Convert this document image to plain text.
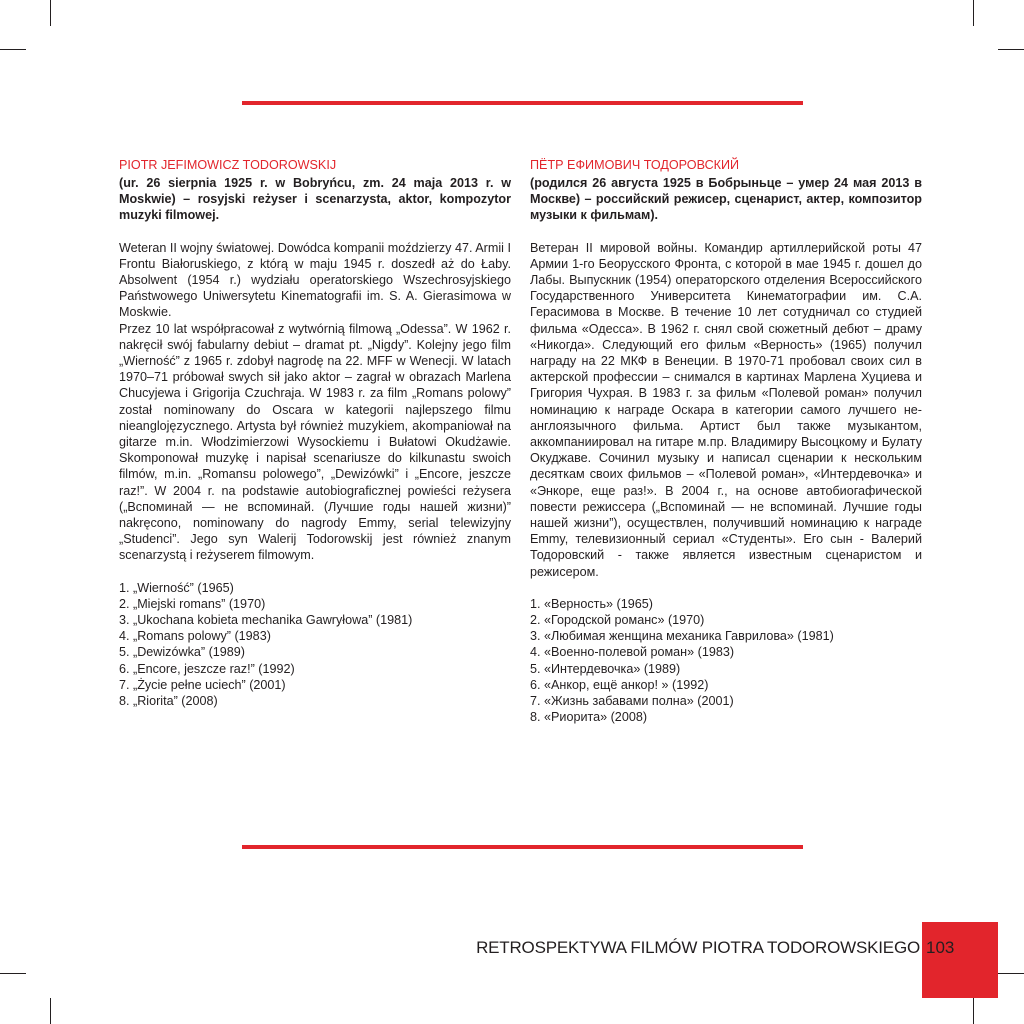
PIOTR JEFIMOWICZ TODOROWSKIJ

(ur. 26 sierpnia 1925 r. w Bobryńcu, zm. 24 maja 2013 r. w Moskwie) – rosyjski reżyser i scenarzysta, aktor, kompozytor muzyki filmowej.

Weteran II wojny światowej. Dowódca kompanii moździerzy 47. Armii I Frontu Białoruskiego, z którą w maju 1945 r. doszedł aż do Łaby. Absolwent (1954 r.) wydziału operatorskiego Wszechrosyjskiego Państwowego Uniwersytetu Kinematografii im. S. A. Gierasimowa w Moskwie.

Przez 10 lat współpracował z wytwórnią filmową „Odessa”. W 1962 r. nakręcił swój fabularny debiut – dramat pt. „Nigdy”. Kolejny jego film „Wierność” z 1965 r. zdobył nagrodę na 22. MFF w Wenecji. W latach 1970–71 próbował swych sił jako aktor – zagrał w obrazach Marlena Chucyjewa i Grigorija Czuchraja. W 1983 r. za film „Romans polowy” został nominowany do Oscara w kategorii najlepszego filmu nieanglojęzycznego. Artysta był również muzykiem, akompaniował na gitarze m.in. Włodzimierzowi Wysockiemu i Bułatowi Okudżawie. Skomponował muzykę i napisał scenariusze do kilkunastu swoich filmów, m.in. „Romansu polowego”, „Dewizówki” i „Encore, jeszcze raz!”. W 2004 r. na podstawie autobiograficznej powieści reżysera („Вспоминай — не вспоминай. (Лучшие годы нашей жизни)” nakręcono, nominowany do nagrody Emmy, serial telewizyjny „Studenci”. Jego syn Walerij Todorowskij jest również znanym scenarzystą i reżyserem filmowym.

1. „Wierność” (1965)
2. „Miejski romans” (1970)
3. „Ukochana kobieta mechanika Gawryłowa” (1981)
4. „Romans polowy” (1983)
5. „Dewizówka” (1989)
6. „Encore, jeszcze raz!” (1992)
7. „Życie pełne uciech” (2001)
8. „Riorita” (2008)

ПЁТР ЕФИМОВИЧ ТОДОРОВСКИЙ

(родился 26 августа 1925 в Бобрыньце – умер 24 мая 2013 в Москве) – российский режисер, сценарист, актер, композитор музыки к фильмам).

Ветеран II мировой войны. Командир артиллерийской роты 47 Армии 1-го Беорусского Фронта, с которой в мае 1945 г. дошел до Лабы. Выпускник (1954) операторского отделения Всероссийского Государственного Университета Кинематографии им. С.А. Герасимова в Москве. В течение 10 лет сотудничал со студией фильма «Одесса». В 1962 г. снял свой сюжетный дебют – драму «Никогда». Следующий его фильм «Верность» (1965) получил награду на 22 МКФ в Венеции. В 1970-71 пробовал своих сил в актерской профессии – снимался в картинах Марлена Хуциева и Григория Чухрая. В 1983 г. за фильм «Полевой роман» получил номинацию к награде Оскара в категории самого лучшего не-англоязычного фильма. Артист был также музыкантом, аккомпаниировал на гитаре м.пр. Владимиру Высоцкому и Булату Окуджаве. Сочинил музыку и написал сценарии к нескольким десяткам своих фильмов – «Полевой роман», «Интердевочка» и «Энкоре, еще раз!». В 2004 г., на основе автобиогафической повести режиссера („Вспоминай — не вспоминай. Лучшие годы нашей жизни”), осуществлен, получивший номинацию к награде Emmy, телевизионный сериал «Студенты». Его сын - Валерий Тодоровский - также является известным сценаристом и режисером.

1. «Верность» (1965)
2. «Городской романс» (1970)
3. «Любимая женщина механика Гаврилова» (1981)
4. «Военно-полевой роман» (1983)
5. «Интердевочка» (1989)
6. «Анкор, ещё анкор! » (1992)
7. «Жизнь забавами полна» (2001)
8. «Риорита» (2008)
RETROSPEKTYWA FILMÓW PIOTRA TODOROWSKIEGO 103
